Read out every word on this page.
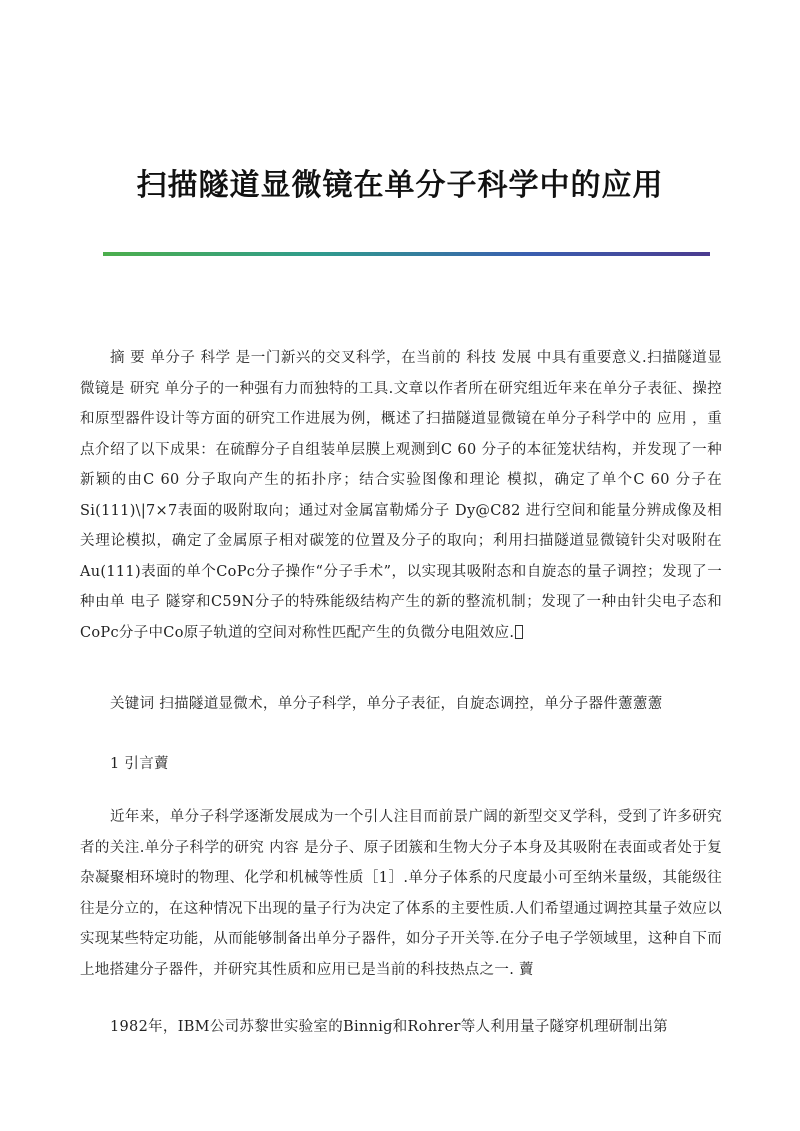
扫描隧道显微镜在单分子科学中的应用

摘 要 单分子 科学 是一门新兴的交叉科学，在当前的 科技 发展 中具有重要意义.扫描隧道显微镜是 研究 单分子的一种强有力而独特的工具.文章以作者所在研究组近年来在单分子表征、操控和原型器件设计等方面的研究工作进展为例，概述了扫描隧道显微镜在单分子科学中的 应用 ，重点介绍了以下成果：在硫醇分子自组装单层膜上观测到C 60 分子的本征笼状结构，并发现了一种新颖的由C 60 分子取向产生的拓扑序；结合实验图像和理论 模拟，确定了单个C 60 分子在Si(111)\|7×7表面的吸附取向；通过对金属富勒烯分子 Dy@C82 进行空间和能量分辨成像及相关理论模拟，确定了金属原子相对碳笼的位置及分子的取向；利用扫描隧道显微镜针尖对吸附在Au(111)表面的单个CoPc分子操作“分子手术”，以实现其吸附态和自旋态的量子调控；发现了一种由单 电子 隧穿和C59N分子的特殊能级结构产生的新的整流机制；发现了一种由针尖电子态和CoPc分子中Co原子轨道的空间对称性匹配产生的负微分电阻效应.

关键词 扫描隧道显微术，单分子科学，单分子表征，自旋态调控，单分子器件藼藼藼

1 引言藚

近年来，单分子科学逐渐发展成为一个引人注目而前景广阔的新型交叉学科，受到了许多研究者的关注.单分子科学的研究 内容 是分子、原子团簇和生物大分子本身及其吸附在表面或者处于复杂凝聚相环境时的物理、化学和机械等性质［1］.单分子体系的尺度最小可至纳米量级，其能级往往是分立的，在这种情况下出现的量子行为决定了体系的主要性质.人们希望通过调控其量子效应以实现某些特定功能，从而能够制备出单分子器件，如分子开关等.在分子电子学领域里，这种自下而上地搭建分子器件，并研究其性质和应用已是当前的科技热点之一. 藚

1982年，IBM公司苏黎世实验室的Binnig和Rohrer等人利用量子隧穿机理研制出第
